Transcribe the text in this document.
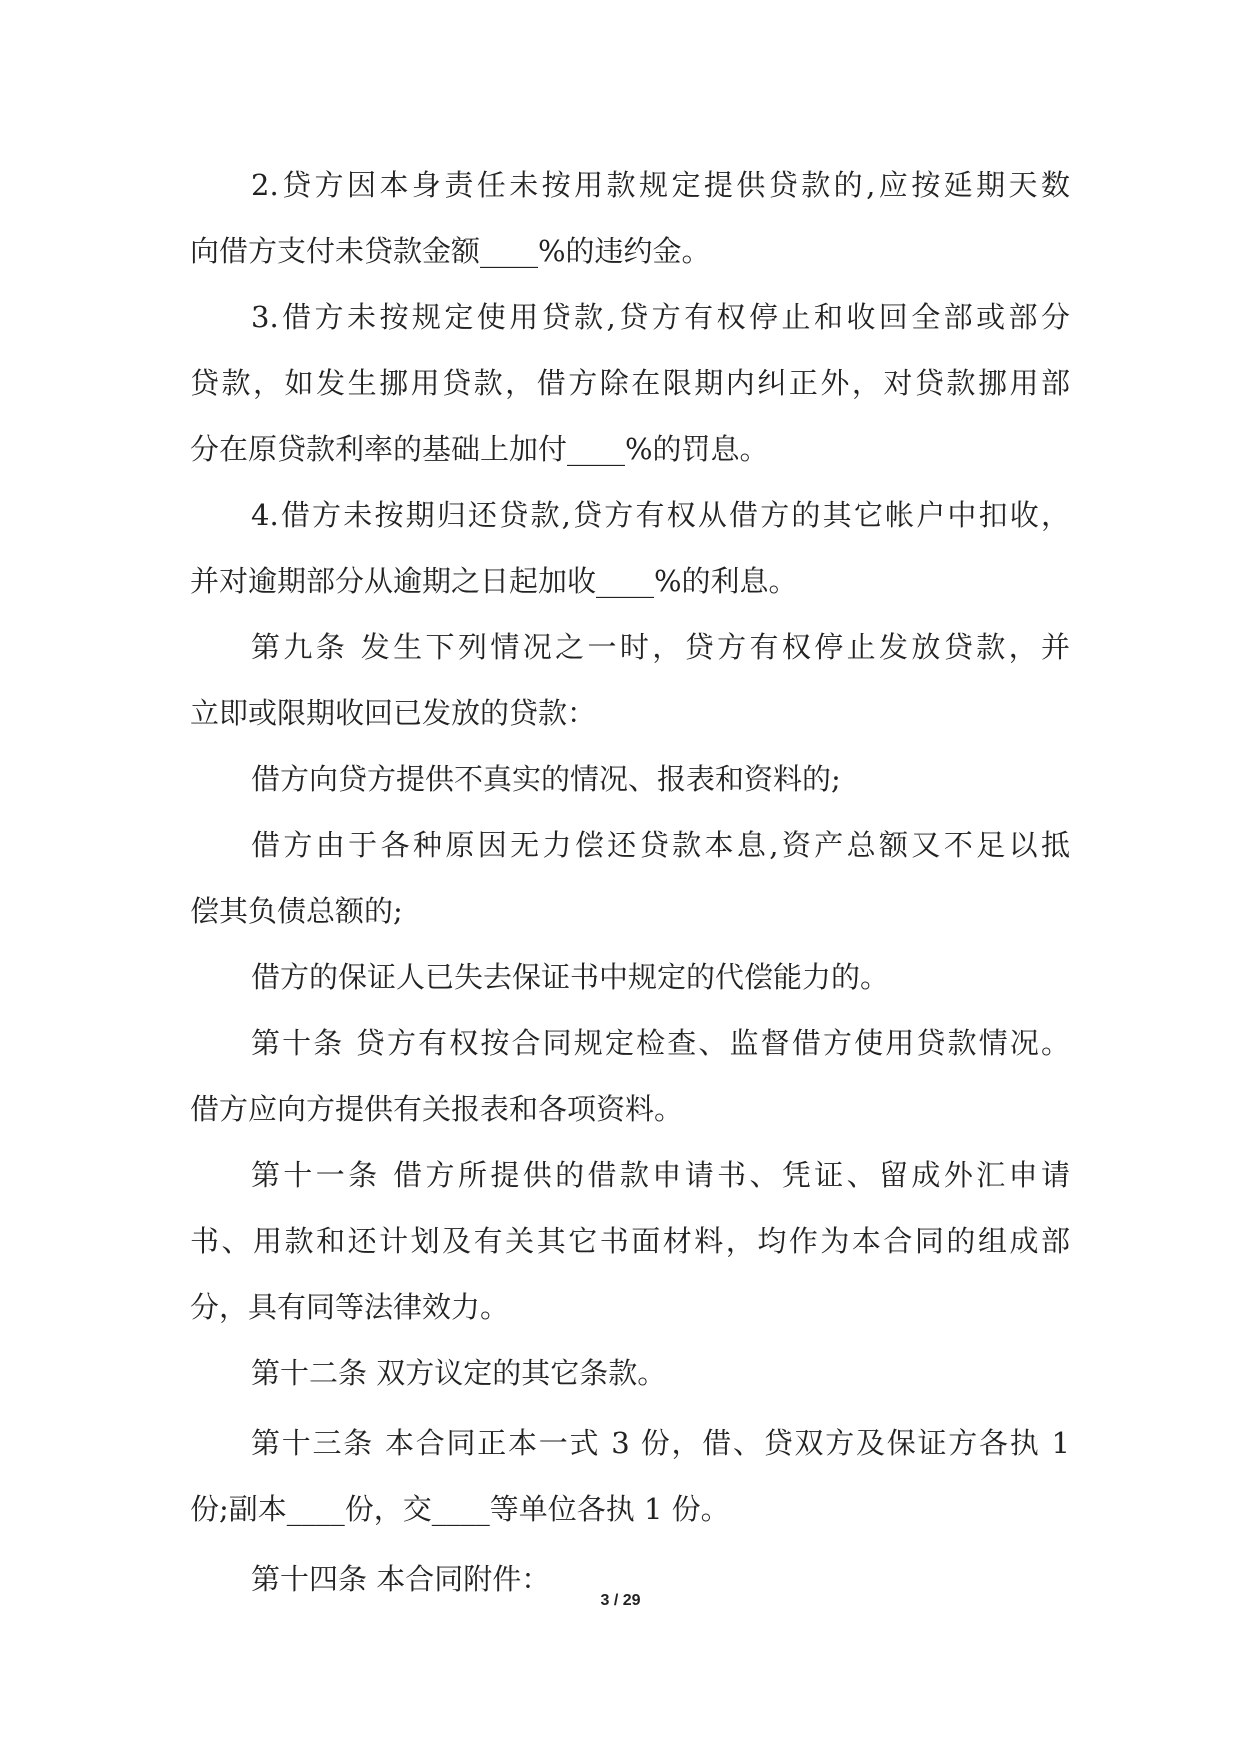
2.贷方因本身责任未按用款规定提供贷款的,应按延期天数
向借方支付未贷款金额____%的违约金。
3.借方未按规定使用贷款,贷方有权停止和收回全部或部分
贷款，如发生挪用贷款，借方除在限期内纠正外，对贷款挪用部
分在原贷款利率的基础上加付____%的罚息。
4.借方未按期归还贷款,贷方有权从借方的其它帐户中扣收，
并对逾期部分从逾期之日起加收____%的利息。
第九条 发生下列情况之一时，贷方有权停止发放贷款，并
立即或限期收回已发放的贷款：
借方向贷方提供不真实的情况、报表和资料的;
借方由于各种原因无力偿还贷款本息,资产总额又不足以抵
偿其负债总额的;
借方的保证人已失去保证书中规定的代偿能力的。
第十条 贷方有权按合同规定检查、监督借方使用贷款情况。
借方应向方提供有关报表和各项资料。
第十一条 借方所提供的借款申请书、凭证、留成外汇申请
书、用款和还计划及有关其它书面材料，均作为本合同的组成部
分，具有同等法律效力。
第十二条 双方议定的其它条款。
第十三条 本合同正本一式 3 份，借、贷双方及保证方各执 1
份;副本____份，交____等单位各执 1 份。
第十四条 本合同附件：
3 / 29
